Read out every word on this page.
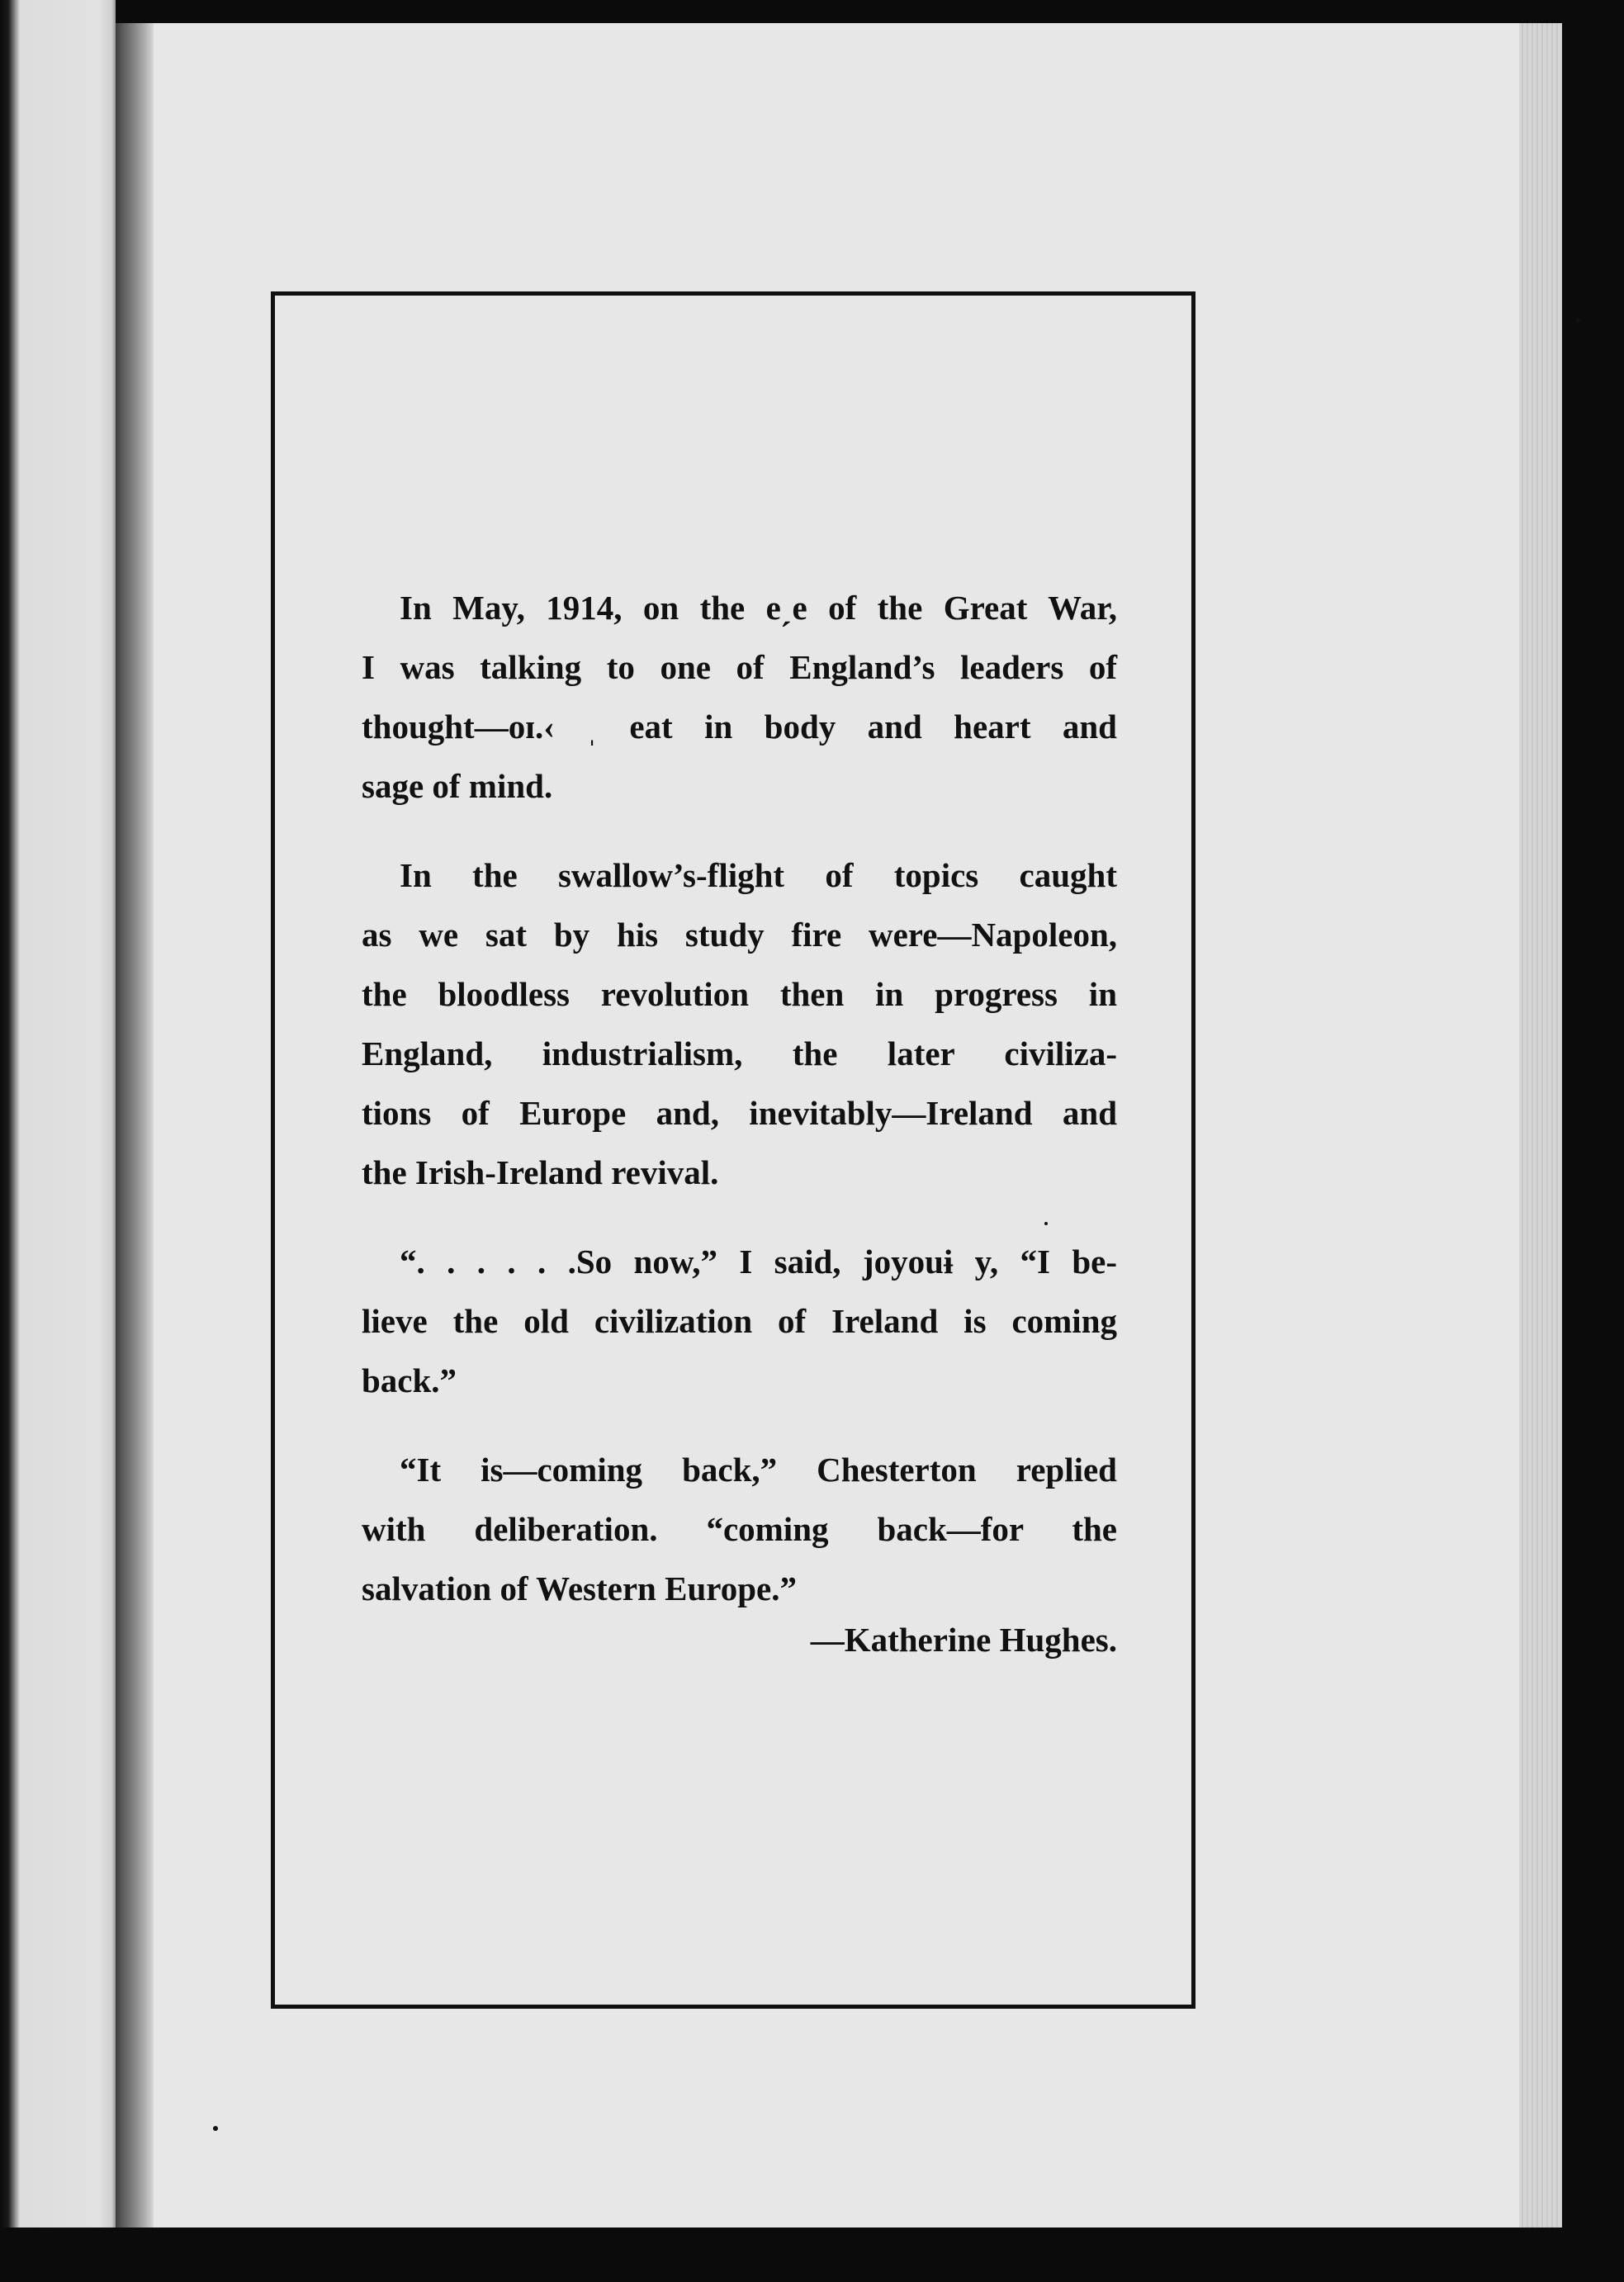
In May, 1914, on the eˏe of the Great War,
I was talking to one of England’s leaders of
thought—oɪ.‹ ˌ eat in body and heart and
sage of mind.

In the swallow’s-flight of topics caught
as we sat by his study fire were—Napoleon,
the bloodless revolution then in progress in
England, industrialism, the later civiliza-
tions of Europe and, inevitably—Ireland and
the Irish-Ireland revival.

“. . . . . .So now,” I said, joyouɨ y, “I be-
lieve the old civilization of Ireland is coming
back.”

“It is—coming back,” Chesterton replied
with deliberation. “coming back—for the
salvation of Western Europe.”
—Katherine Hughes.
